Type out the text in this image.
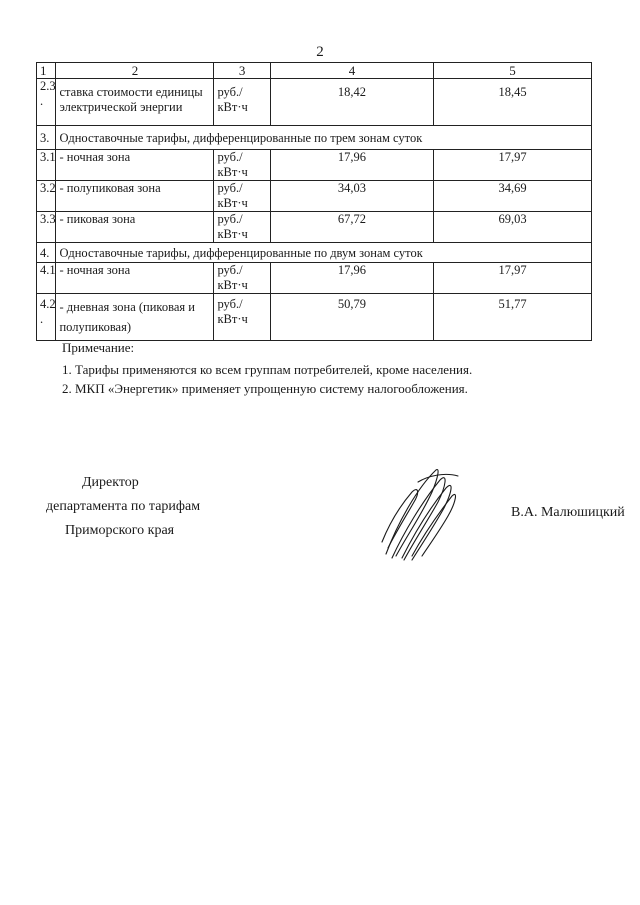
2
1	2	3	4	5
2.3 .	ставка стоимости единицы электрической энергии	руб./кВт·ч	18,42	18,45
3.	Одноставочные тарифы, дифференцированные по трем зонам суток			
3.1	- ночная зона	руб./кВт·ч	17,96	17,97
3.2	- полупиковая зона	руб./кВт·ч	34,03	34,69
3.3	- пиковая зона	руб./кВт·ч	67,72	69,03
4.	Одноставочные тарифы, дифференцированные по двум зонам суток			
4.1	- ночная зона	руб./кВт·ч	17,96	17,97
4.2 .	- дневная зона (пиковая и полупиковая)	руб./кВт·ч	50,79	51,77
Примечание:
1. Тарифы применяются ко всем группам потребителей, кроме населения.
2. МКП «Энергетик» применяет упрощенную систему налогообложения.
Директор
департамента по тарифам
Приморского края
В.А. Малюшицкий
